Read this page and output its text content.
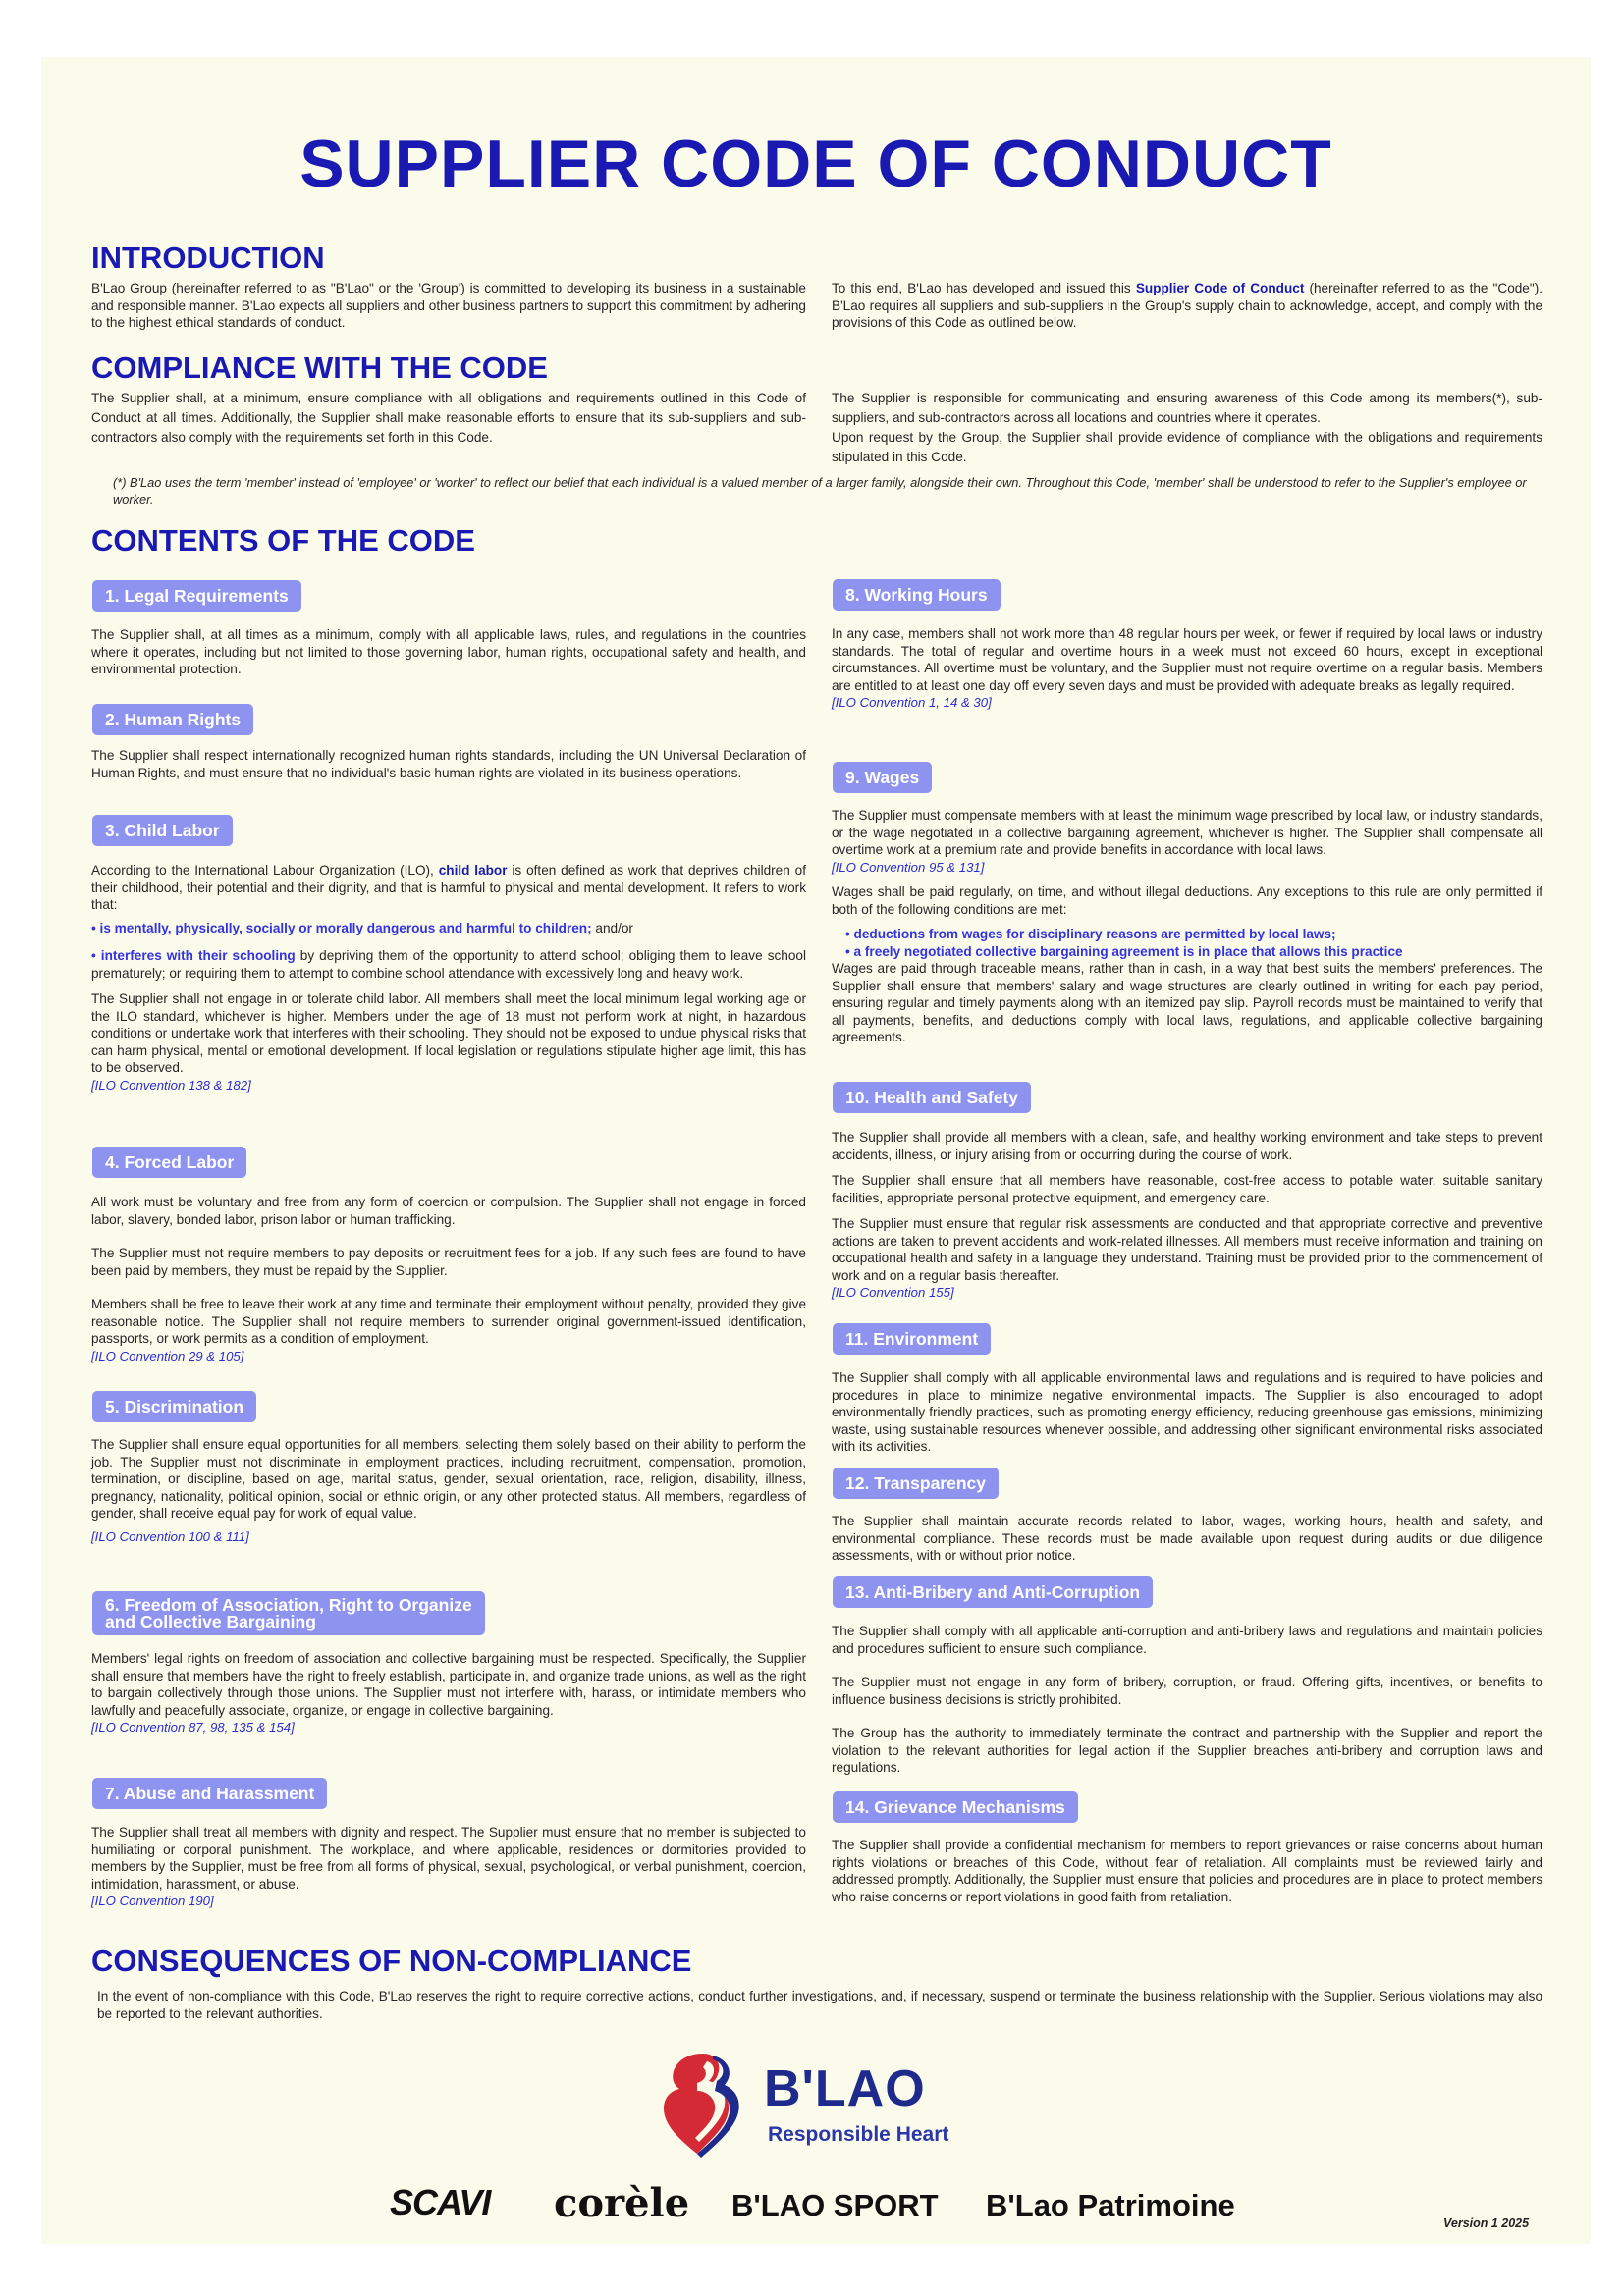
SUPPLIER CODE OF CONDUCT
INTRODUCTION
B'Lao Group (hereinafter referred to as "B'Lao" or the 'Group') is committed to developing its business in a sustainable and responsible manner. B'Lao expects all suppliers and other business partners to support this commitment by adhering to the highest ethical standards of conduct.
To this end, B'Lao has developed and issued this Supplier Code of Conduct (hereinafter referred to as the "Code"). B'Lao requires all suppliers and sub-suppliers in the Group's supply chain to acknowledge, accept, and comply with the provisions of this Code as outlined below.
COMPLIANCE WITH THE CODE
The Supplier shall, at a minimum, ensure compliance with all obligations and requirements outlined in this Code of Conduct at all times. Additionally, the Supplier shall make reasonable efforts to ensure that its sub-suppliers and sub-contractors also comply with the requirements set forth in this Code.
The Supplier is responsible for communicating and ensuring awareness of this Code among its members(*), sub-suppliers, and sub-contractors across all locations and countries where it operates.
Upon request by the Group, the Supplier shall provide evidence of compliance with the obligations and requirements stipulated in this Code.
(*) B'Lao uses the term 'member' instead of 'employee' or 'worker' to reflect our belief that each individual is a valued member of a larger family, alongside their own. Throughout this Code, 'member' shall be understood to refer to the Supplier's employee or worker.
CONTENTS OF THE CODE
1. Legal Requirements
The Supplier shall, at all times as a minimum, comply with all applicable laws, rules, and regulations in the countries where it operates, including but not limited to those governing labor, human rights, occupational safety and health, and environmental protection.
2. Human Rights
The Supplier shall respect internationally recognized human rights standards, including the UN Universal Declaration of Human Rights, and must ensure that no individual's basic human rights are violated in its business operations.
3. Child Labor
According to the International Labour Organization (ILO), child labor is often defined as work that deprives children of their childhood, their potential and their dignity, and that is harmful to physical and mental development. It refers to work that:
• is mentally, physically, socially or morally dangerous and harmful to children; and/or
• interferes with their schooling by depriving them of the opportunity to attend school; obliging them to leave school prematurely; or requiring them to attempt to combine school attendance with excessively long and heavy work.
The Supplier shall not engage in or tolerate child labor. All members shall meet the local minimum legal working age or the ILO standard, whichever is higher. Members under the age of 18 must not perform work at night, in hazardous conditions or undertake work that interferes with their schooling. They should not be exposed to undue physical risks that can harm physical, mental or emotional development. If local legislation or regulations stipulate higher age limit, this has to be observed.
[ILO Convention 138 & 182]
4. Forced Labor
All work must be voluntary and free from any form of coercion or compulsion. The Supplier shall not engage in forced labor, slavery, bonded labor, prison labor or human trafficking.
The Supplier must not require members to pay deposits or recruitment fees for a job. If any such fees are found to have been paid by members, they must be repaid by the Supplier.
Members shall be free to leave their work at any time and terminate their employment without penalty, provided they give reasonable notice. The Supplier shall not require members to surrender original government-issued identification, passports, or work permits as a condition of employment.
[ILO Convention 29 & 105]
5. Discrimination
The Supplier shall ensure equal opportunities for all members, selecting them solely based on their ability to perform the job. The Supplier must not discriminate in employment practices, including recruitment, compensation, promotion, termination, or discipline, based on age, marital status, gender, sexual orientation, race, religion, disability, illness, pregnancy, nationality, political opinion, social or ethnic origin, or any other protected status. All members, regardless of gender, shall receive equal pay for work of equal value.
[ILO Convention 100 & 111]
6. Freedom of Association, Right to Organize
and Collective Bargaining
Members' legal rights on freedom of association and collective bargaining must be respected. Specifically, the Supplier shall ensure that members have the right to freely establish, participate in, and organize trade unions, as well as the right to bargain collectively through those unions. The Supplier must not interfere with, harass, or intimidate members who lawfully and peacefully associate, organize, or engage in collective bargaining.
[ILO Convention 87, 98, 135 & 154]
7. Abuse and Harassment
The Supplier shall treat all members with dignity and respect. The Supplier must ensure that no member is subjected to humiliating or corporal punishment. The workplace, and where applicable, residences or dormitories provided to members by the Supplier, must be free from all forms of physical, sexual, psychological, or verbal punishment, coercion, intimidation, harassment, or abuse.
[ILO Convention 190]
8. Working Hours
In any case, members shall not work more than 48 regular hours per week, or fewer if required by local laws or industry standards. The total of regular and overtime hours in a week must not exceed 60 hours, except in exceptional circumstances. All overtime must be voluntary, and the Supplier must not require overtime on a regular basis. Members are entitled to at least one day off every seven days and must be provided with adequate breaks as legally required.
[ILO Convention 1, 14 & 30]
9. Wages
The Supplier must compensate members with at least the minimum wage prescribed by local law, or industry standards, or the wage negotiated in a collective bargaining agreement, whichever is higher. The Supplier shall compensate all overtime work at a premium rate and provide benefits in accordance with local laws.
[ILO Convention 95 & 131]
Wages shall be paid regularly, on time, and without illegal deductions. Any exceptions to this rule are only permitted if both of the following conditions are met:
• deductions from wages for disciplinary reasons are permitted by local laws;
• a freely negotiated collective bargaining agreement is in place that allows this practice
Wages are paid through traceable means, rather than in cash, in a way that best suits the members' preferences. The Supplier shall ensure that members' salary and wage structures are clearly outlined in writing for each pay period, ensuring regular and timely payments along with an itemized pay slip. Payroll records must be maintained to verify that all payments, benefits, and deductions comply with local laws, regulations, and applicable collective bargaining agreements.
10. Health and Safety
The Supplier shall provide all members with a clean, safe, and healthy working environment and take steps to prevent accidents, illness, or injury arising from or occurring during the course of work.
The Supplier shall ensure that all members have reasonable, cost-free access to potable water, suitable sanitary facilities, appropriate personal protective equipment, and emergency care.
The Supplier must ensure that regular risk assessments are conducted and that appropriate corrective and preventive actions are taken to prevent accidents and work-related illnesses. All members must receive information and training on occupational health and safety in a language they understand. Training must be provided prior to the commencement of work and on a regular basis thereafter.
[ILO Convention 155]
11. Environment
The Supplier shall comply with all applicable environmental laws and regulations and is required to have policies and procedures in place to minimize negative environmental impacts. The Supplier is also encouraged to adopt environmentally friendly practices, such as promoting energy efficiency, reducing greenhouse gas emissions, minimizing waste, using sustainable resources whenever possible, and addressing other significant environmental risks associated with its activities.
12. Transparency
The Supplier shall maintain accurate records related to labor, wages, working hours, health and safety, and environmental compliance. These records must be made available upon request during audits or due diligence assessments, with or without prior notice.
13. Anti-Bribery and Anti-Corruption
The Supplier shall comply with all applicable anti-corruption and anti-bribery laws and regulations and maintain policies and procedures sufficient to ensure such compliance.
The Supplier must not engage in any form of bribery, corruption, or fraud. Offering gifts, incentives, or benefits to influence business decisions is strictly prohibited.
The Group has the authority to immediately terminate the contract and partnership with the Supplier and report the violation to the relevant authorities for legal action if the Supplier breaches anti-bribery and corruption laws and regulations.
14. Grievance Mechanisms
The Supplier shall provide a confidential mechanism for members to report grievances or raise concerns about human rights violations or breaches of this Code, without fear of retaliation. All complaints must be reviewed fairly and addressed promptly. Additionally, the Supplier must ensure that policies and procedures are in place to protect members who raise concerns or report violations in good faith from retaliation.
CONSEQUENCES OF NON-COMPLIANCE
In the event of non-compliance with this Code, B'Lao reserves the right to require corrective actions, conduct further investigations, and, if necessary, suspend or terminate the business relationship with the Supplier. Serious violations may also be reported to the relevant authorities.
B'LAO
Responsible Heart
SCAVI corèle B'LAO SPORT B'Lao Patrimoine
Version 1 2025
